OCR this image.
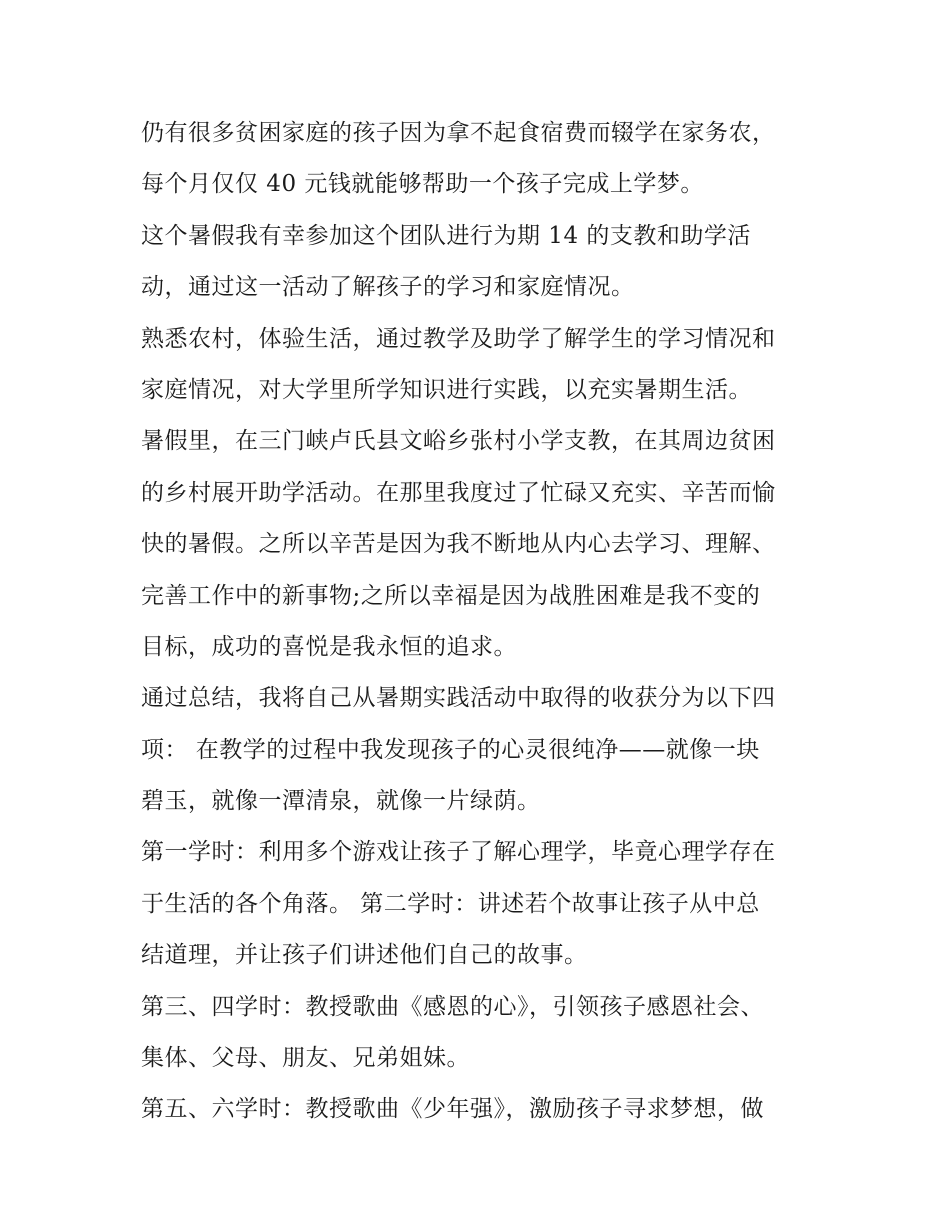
仍有很多贫困家庭的孩子因为拿不起食宿费而辍学在家务农，
每个月仅仅 40 元钱就能够帮助一个孩子完成上学梦。
这个暑假我有幸参加这个团队进行为期 14 的支教和助学活
动，通过这一活动了解孩子的学习和家庭情况。
熟悉农村，体验生活，通过教学及助学了解学生的学习情况和
家庭情况，对大学里所学知识进行实践，以充实暑期生活。
暑假里，在三门峡卢氏县文峪乡张村小学支教，在其周边贫困
的乡村展开助学活动。在那里我度过了忙碌又充实、辛苦而愉
快的暑假。之所以辛苦是因为我不断地从内心去学习、理解、
完善工作中的新事物;之所以幸福是因为战胜困难是我不变的
目标，成功的喜悦是我永恒的追求。
通过总结，我将自己从暑期实践活动中取得的收获分为以下四
项： 在教学的过程中我发现孩子的心灵很纯净——就像一块
碧玉，就像一潭清泉，就像一片绿荫。
第一学时：利用多个游戏让孩子了解心理学，毕竟心理学存在
于生活的各个角落。 第二学时：讲述若个故事让孩子从中总
结道理，并让孩子们讲述他们自己的故事。
第三、四学时：教授歌曲《感恩的心》，引领孩子感恩社会、
集体、父母、朋友、兄弟姐妹。
第五、六学时：教授歌曲《少年强》，激励孩子寻求梦想，做
